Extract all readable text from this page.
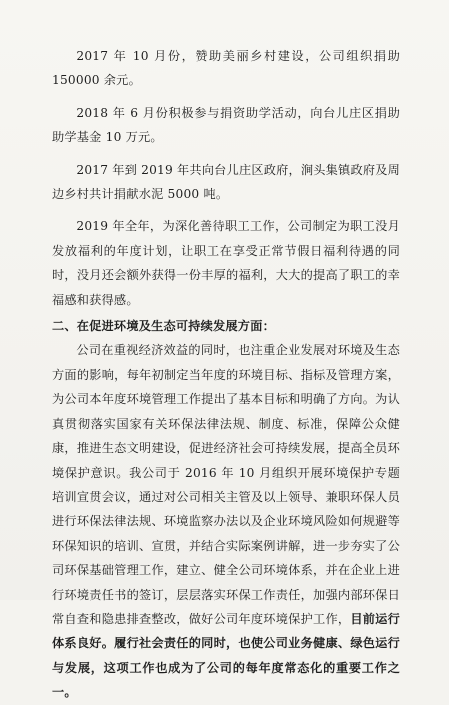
2017 年 10 月份，赞助美丽乡村建设，公司组织捐助 150000 余元。

2018 年 6 月份积极参与捐资助学活动，向台儿庄区捐助助学基金 10 万元。

2017 年到 2019 年共向台儿庄区政府，涧头集镇政府及周边乡村共计捐献水泥 5000 吨。

2019 年全年，为深化善待职工工作，公司制定为职工没月发放福利的年度计划，让职工在享受正常节假日福利待遇的同时，没月还会额外获得一份丰厚的福利，大大的提高了职工的幸福感和获得感。

二、在促进环境及生态可持续发展方面：

公司在重视经济效益的同时，也注重企业发展对环境及生态方面的影响，每年初制定当年度的环境目标、指标及管理方案，为公司本年度环境管理工作提出了基本目标和明确了方向。为认真贯彻落实国家有关环保法律法规、制度、标准，保障公众健康，推进生态文明建设，促进经济社会可持续发展，提高全员环境保护意识。我公司于 2016 年 10 月组织开展环境保护专题培训宣贯会议，通过对公司相关主管及以上领导、兼职环保人员进行环保法律法规、环境监察办法以及企业环境风险如何规避等环保知识的培训、宣贯，并结合实际案例讲解，进一步夯实了公司环保基础管理工作，建立、健全公司环境体系，并在企业上进行环境责任书的签订，层层落实环保工作责任，加强内部环保日常自查和隐患排查整改，做好公司年度环境保护工作，目前运行体系良好。履行社会责任的同时，也使公司业务健康、绿色运行与发展，这项工作也成为了公司的每年度常态化的重要工作之一。
